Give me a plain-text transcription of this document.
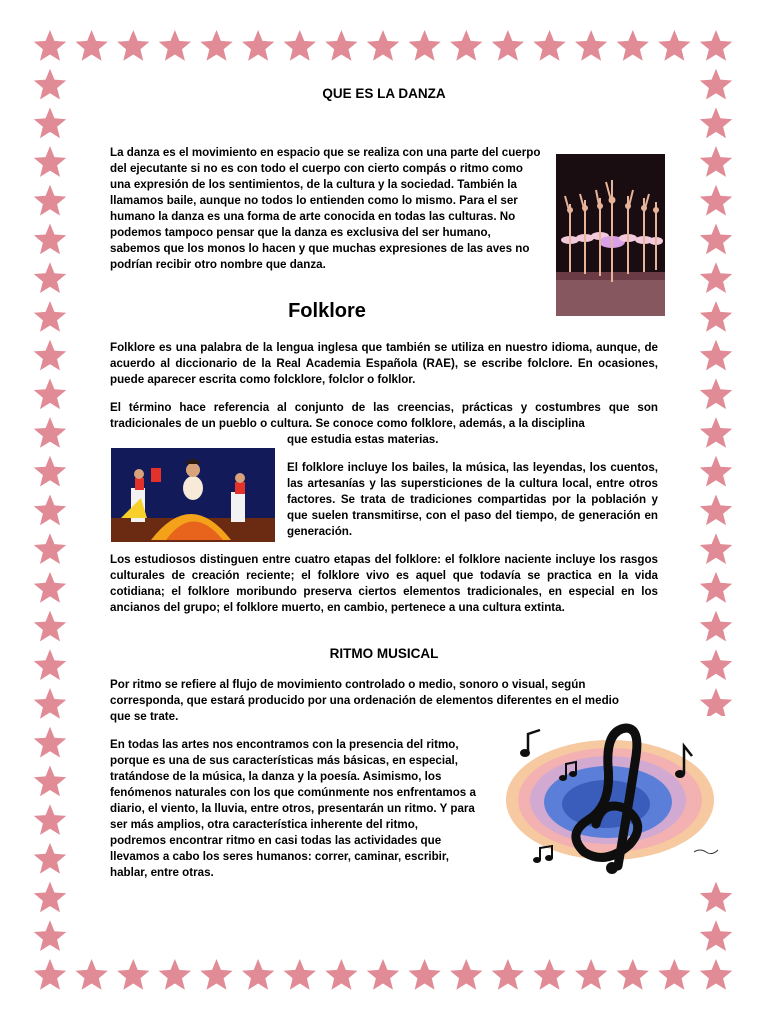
QUE ES LA DANZA

La danza es el movimiento en espacio que se realiza con una parte del cuerpo del ejecutante si no es con todo el cuerpo con cierto compás o ritmo como una expresión de los sentimientos, de la cultura y la sociedad. También la llamamos baile, aunque no todos lo entienden como lo mismo. Para el ser humano la danza es una forma de arte conocida en todas las culturas. No podemos tampoco pensar que la danza es exclusiva del ser humano, sabemos que los monos lo hacen y que muchas expresiones de las aves no podrían recibir otro nombre que danza.

Folklore

Folklore es una palabra de la lengua inglesa que también se utiliza en nuestro idioma, aunque, de acuerdo al diccionario de la Real Academia Española (RAE), se escribe folclore. En ocasiones, puede aparecer escrita como folcklore, folclor o folklor.

El término hace referencia al conjunto de las creencias, prácticas y costumbres que son tradicionales de un pueblo o cultura. Se conoce como folklore, además, a la disciplina

que estudia estas materias.

El folklore incluye los bailes, la música, las leyendas, los cuentos, las artesanías y las supersticiones de la cultura local, entre otros factores. Se trata de tradiciones compartidas por la población y que suelen transmitirse, con el paso del tiempo, de generación en generación.

Los estudiosos distinguen entre cuatro etapas del folklore: el folklore naciente incluye los rasgos culturales de creación reciente; el folklore vivo es aquel que todavía se practica en la vida cotidiana; el folklore moribundo preserva ciertos elementos tradicionales, en especial en los ancianos del grupo; el folklore muerto, en cambio, pertenece a una cultura extinta.

RITMO MUSICAL

Por ritmo se refiere al flujo de movimiento controlado o medio, sonoro o visual, según corresponda, que estará producido por una ordenación de elementos diferentes en el medio que se trate.

En todas las artes nos encontramos con la presencia del ritmo, porque es una de sus características más básicas, en especial, tratándose de la música, la danza y la poesía. Asimismo, los fenómenos naturales con los que comúnmente nos enfrentamos a diario, el viento, la lluvia, entre otros, presentarán un ritmo. Y para ser más amplios, otra característica inherente del ritmo, podremos encontrar ritmo en casi todas las actividades que llevamos a cabo los seres humanos: correr, caminar, escribir, hablar, entre otras.
